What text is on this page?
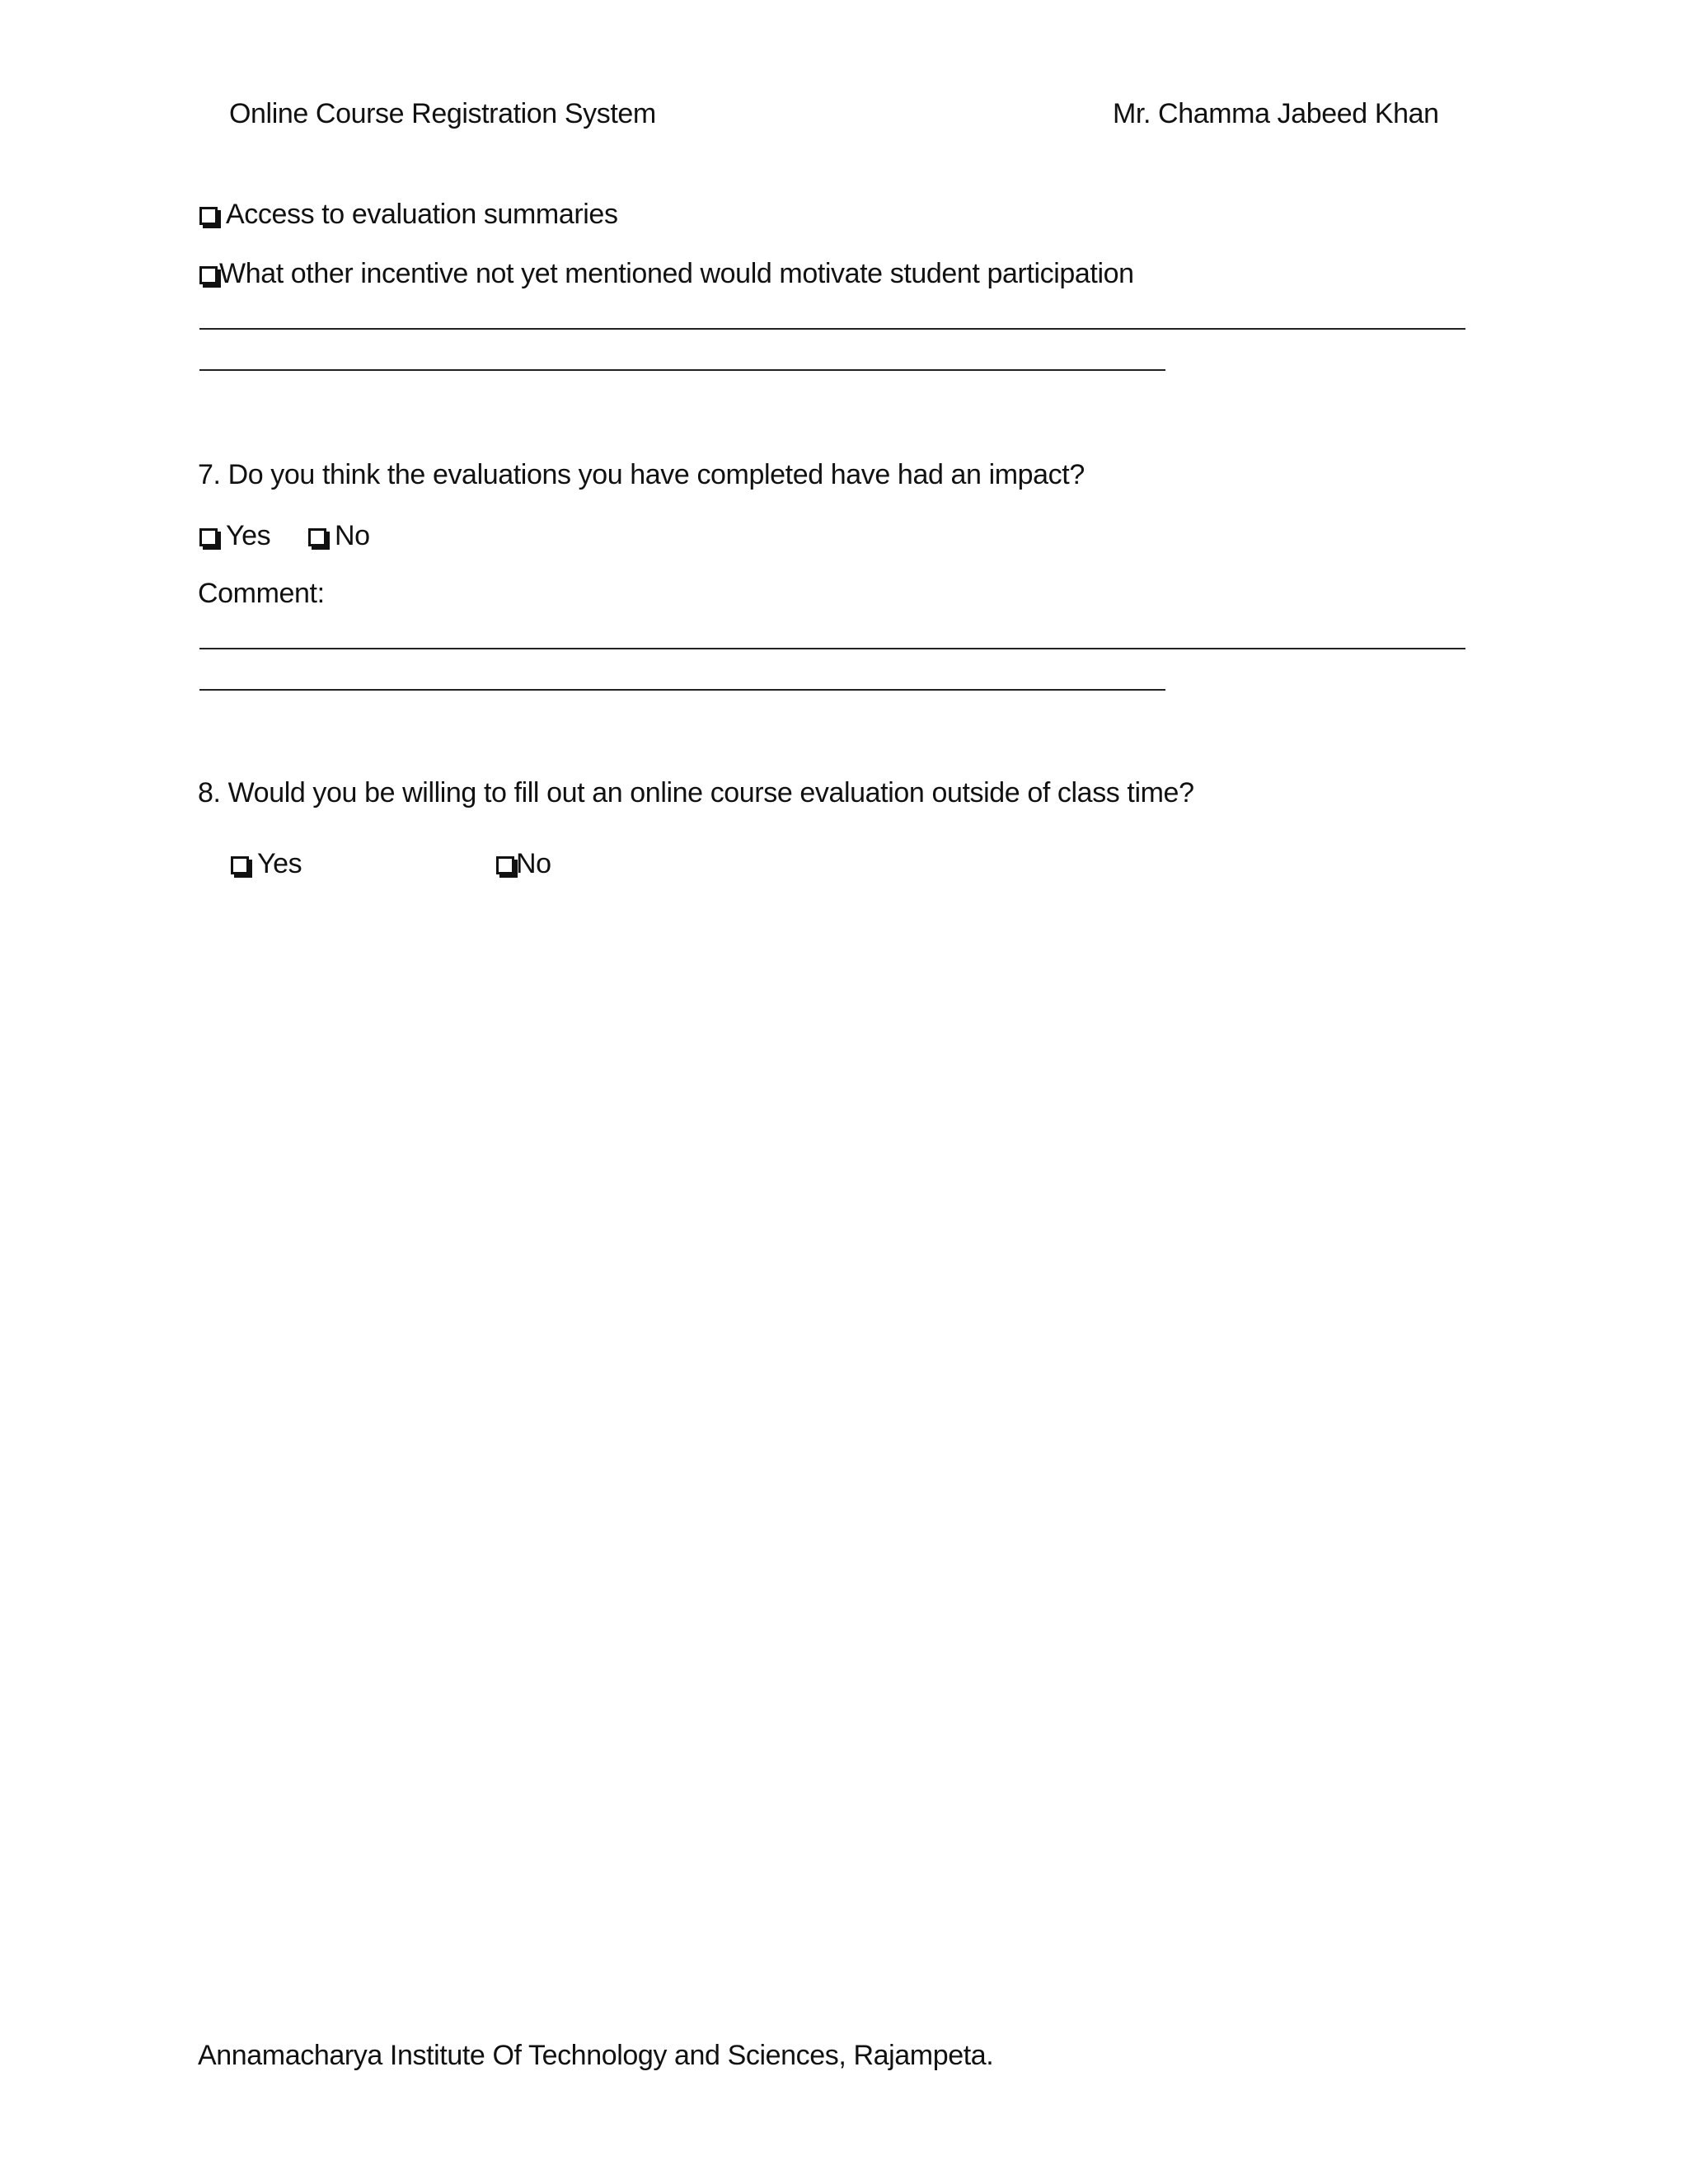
Online Course Registration System	Mr. Chamma Jabeed Khan
Access to evaluation summaries
What other incentive not yet mentioned would motivate student participation
7. Do you think the evaluations you have completed have had an impact?
Yes	No
Comment:
8. Would you be willing to fill out an online course evaluation outside of class time?
Yes	No
Annamacharya Institute Of Technology and Sciences, Rajampeta.
